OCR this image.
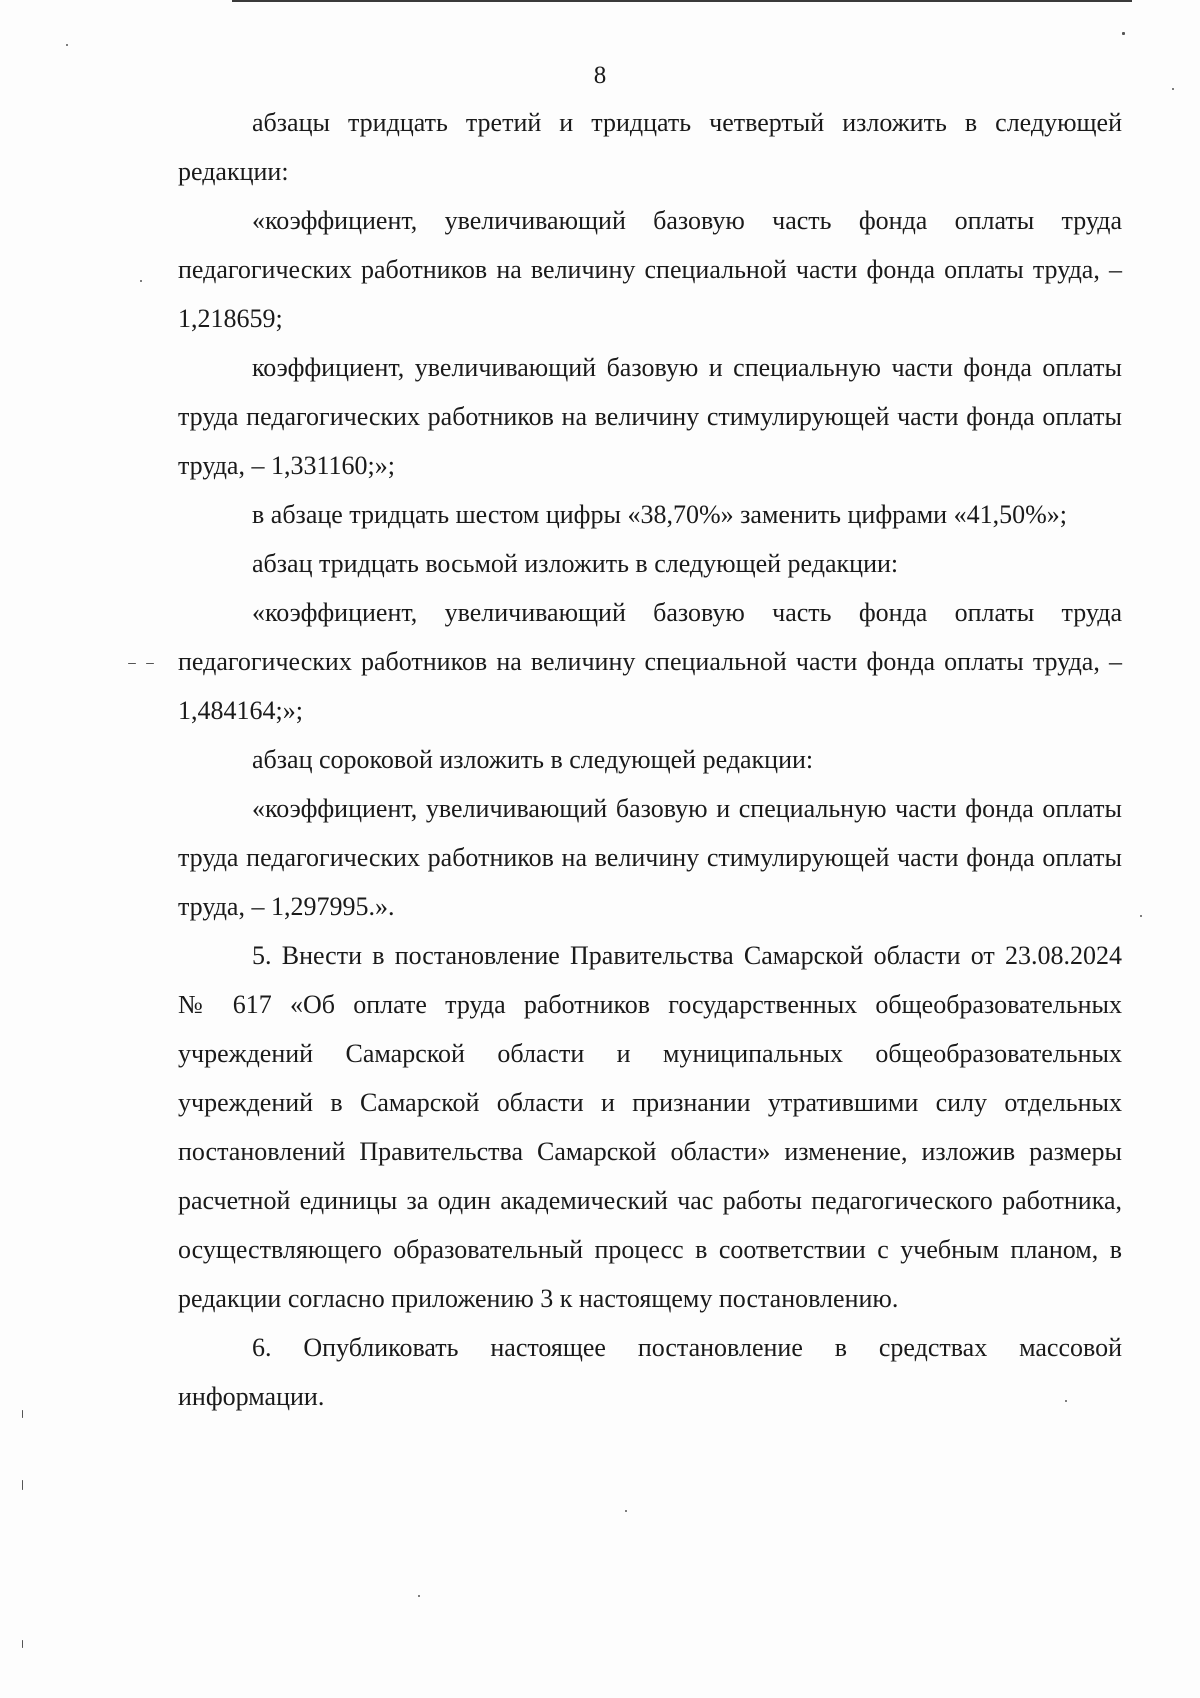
8

абзацы тридцать третий и тридцать четвертый изложить в следующей редакции:

«коэффициент, увеличивающий базовую часть фонда оплаты труда педагогических работников на величину специальной части фонда оплаты труда, – 1,218659;

коэффициент, увеличивающий базовую и специальную части фонда оплаты труда педагогических работников на величину стимулирующей части фонда оплаты труда, – 1,331160;»;

в абзаце тридцать шестом цифры «38,70%» заменить цифрами «41,50%»;

абзац тридцать восьмой изложить в следующей редакции:

«коэффициент, увеличивающий базовую часть фонда оплаты труда педагогических работников на величину специальной части фонда оплаты труда, – 1,484164;»;

абзац сороковой изложить в следующей редакции:

«коэффициент, увеличивающий базовую и специальную части фонда оплаты труда педагогических работников на величину стимулирующей части фонда оплаты труда, – 1,297995.».

5. Внести в постановление Правительства Самарской области от 23.08.2024 № 617 «Об оплате труда работников государственных общеобразовательных учреждений Самарской области и муниципальных общеобразовательных учреждений в Самарской области и признании утратившими силу отдельных постановлений Правительства Самарской области» изменение, изложив размеры расчетной единицы за один академический час работы педагогического работника, осуществляющего образовательный процесс в соответствии с учебным планом, в редакции согласно приложению 3 к настоящему постановлению.

6. Опубликовать настоящее постановление в средствах массовой информации.
